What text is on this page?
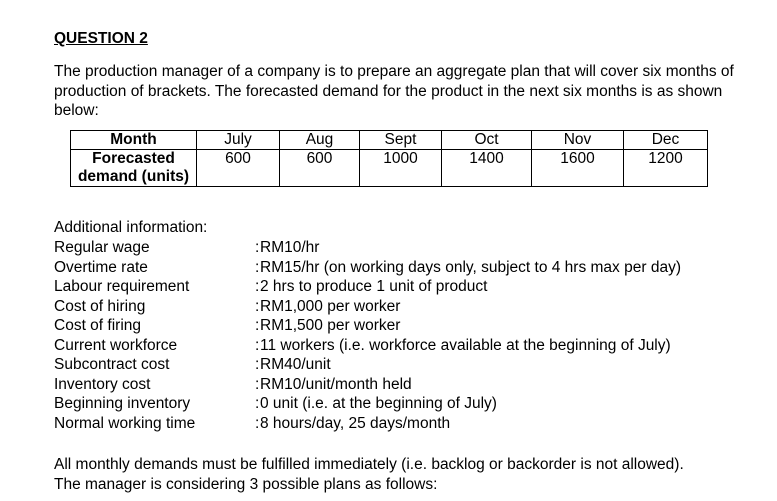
QUESTION 2
The production manager of a company is to prepare an aggregate plan that will cover six months of production of brackets. The forecasted demand for the product in the next six months is as shown below:
Month	July	Aug	Sept	Oct	Nov	Dec

Forecasted
demand (units)	600	600	1000	1400	1600	1200
Additional information:
Regular wage	: RM10/hr
Overtime rate	: RM15/hr (on working days only, subject to 4 hrs max per day)
Labour requirement	: 2 hrs to produce 1 unit of product
Cost of hiring	: RM1,000 per worker
Cost of firing	: RM1,500 per worker
Current workforce	: 11 workers (i.e. workforce available at the beginning of July)
Subcontract cost	: RM40/unit
Inventory cost	: RM10/unit/month held
Beginning inventory	: 0 unit (i.e. at the beginning of July)
Normal working time	: 8 hours/day, 25 days/month
All monthly demands must be fulfilled immediately (i.e. backlog or backorder is not allowed).
The manager is considering 3 possible plans as follows:
